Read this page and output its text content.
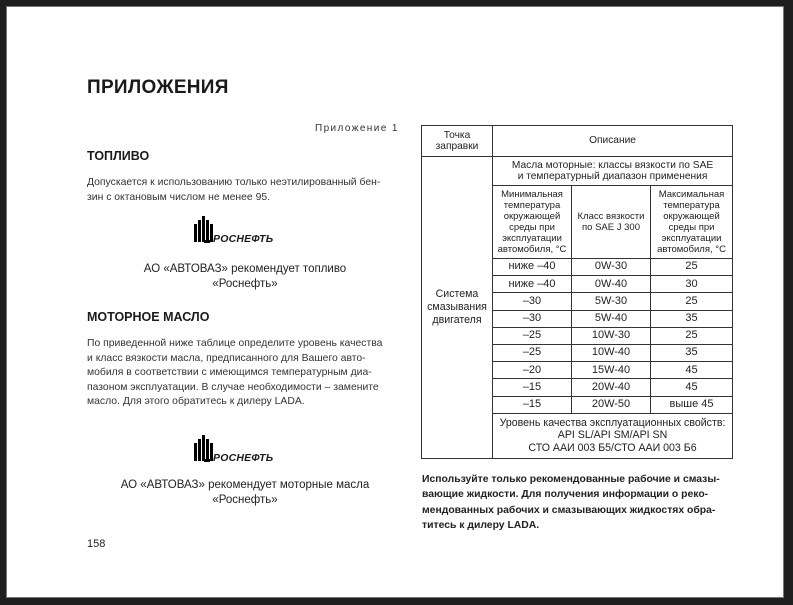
ПРИЛОЖЕНИЯ
Приложение 1
ТОПЛИВО
Допускается к использованию только неэтилированный бен-
зин с октановым числом не менее 95.
РОСНЕФТЬ
АО «АВТОВАЗ» рекомендует топливо
«Роснефть»
МОТОРНОЕ МАСЛО
По приведенной ниже таблице определите уровень качества
и класс вязкости масла, предписанного для Вашего авто-
мобиля в соответствии с имеющимся температурным диа-
пазоном эксплуатации. В случае необходимости – замените
масло. Для этого обратитесь к дилеру LADA.
РОСНЕФТЬ
АО «АВТОВАЗ» рекомендует моторные масла
«Роснефть»
158
Точка заправки	Описание		
Система смазывания двигателя	Масла моторные: классы вязкости по SAE
и температурный диапазон применения		

	Минимальная температура окружающей среды при эксплуатации автомобиля, °С	Класс вязкости по SAE J 300	Максимальная температура окружающей среды при эксплуатации автомобиля, °С
	ниже –40	0W-30	25
	ниже –40	0W-40	30
	–30	5W-30	25
	–30	5W-40	35
	–25	10W-30	25
	–25	10W-40	35
	–20	15W-40	45
	–15	20W-40	45
	–15	20W-50	выше 45

	Уровень качества эксплуатационных свойств:
API SL/API SM/API SN
СТО ААИ 003 Б5/СТО ААИ 003 Б6		
Используйте только рекомендованные рабочие и смазы-
вающие жидкости. Для получения информации о реко-
мендованных рабочих и смазывающих жидкостях обра-
титесь к дилеру LADA.
